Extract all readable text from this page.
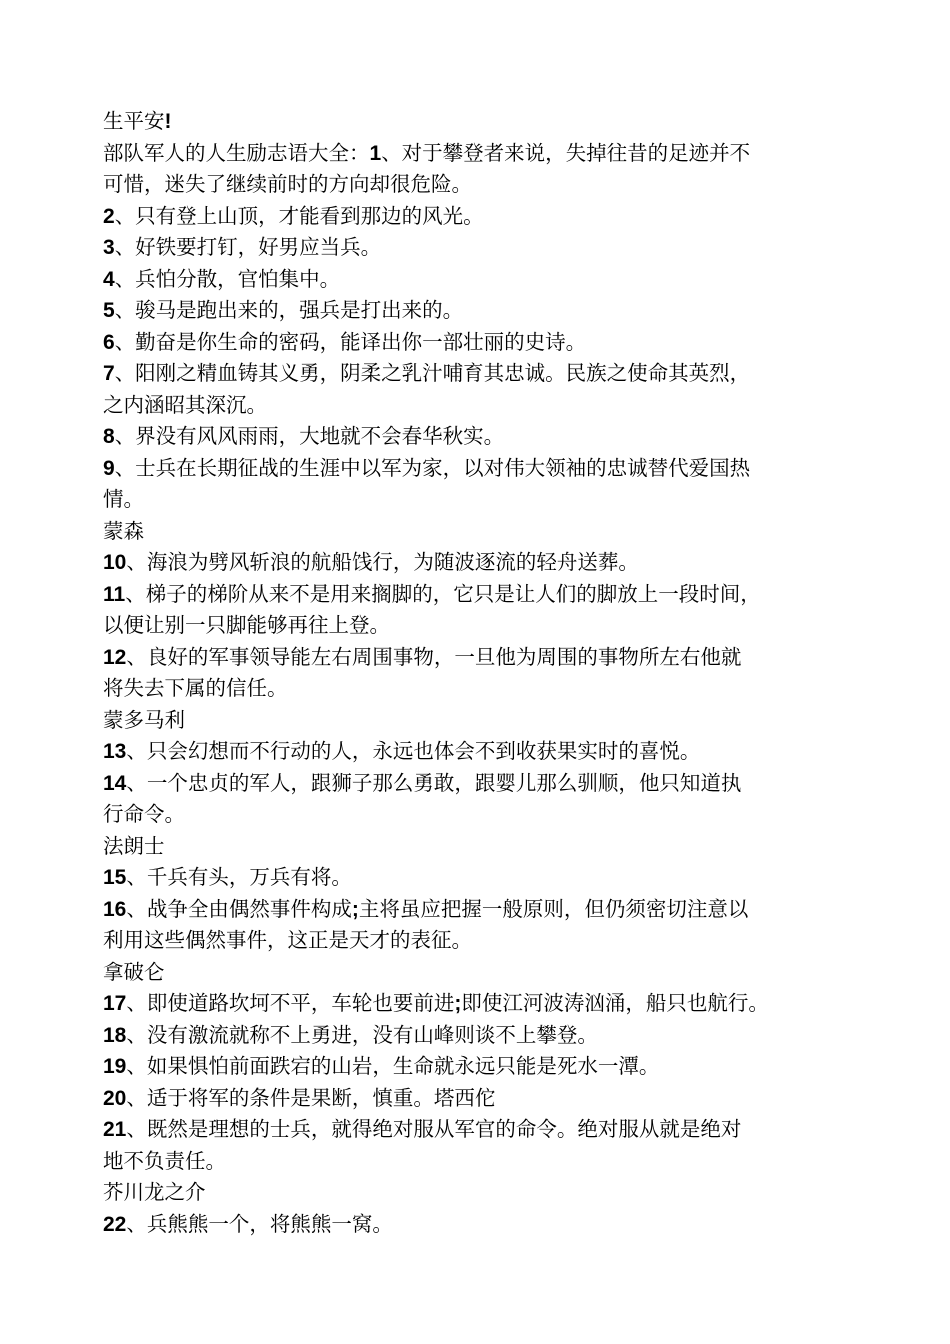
生平安!
部队军人的人生励志语大全：1、对于攀登者来说，失掉往昔的足迹并不
可惜，迷失了继续前时的方向却很危险。
2、只有登上山顶，才能看到那边的风光。
3、好铁要打钉，好男应当兵。
4、兵怕分散，官怕集中。
5、骏马是跑出来的，强兵是打出来的。
6、勤奋是你生命的密码，能译出你一部壮丽的史诗。
7、阳刚之精血铸其义勇，阴柔之乳汁哺育其忠诚。民族之使命其英烈，
之内涵昭其深沉。
8、界没有风风雨雨，大地就不会春华秋实。
9、士兵在长期征战的生涯中以军为家，以对伟大领袖的忠诚替代爱国热
情。
蒙森
10、海浪为劈风斩浪的航船饯行，为随波逐流的轻舟送葬。
11、梯子的梯阶从来不是用来搁脚的，它只是让人们的脚放上一段时间，
以便让别一只脚能够再往上登。
12、良好的军事领导能左右周围事物，一旦他为周围的事物所左右他就
将失去下属的信任。
蒙多马利
13、只会幻想而不行动的人，永远也体会不到收获果实时的喜悦。
14、一个忠贞的军人，跟狮子那么勇敢，跟婴儿那么驯顺，他只知道执
行命令。
法朗士
15、千兵有头，万兵有将。
16、战争全由偶然事件构成;主将虽应把握一般原则，但仍须密切注意以
利用这些偶然事件，这正是天才的表征。
拿破仑
17、即使道路坎坷不平，车轮也要前进;即使江河波涛汹涌，船只也航行。
18、没有激流就称不上勇进，没有山峰则谈不上攀登。
19、如果惧怕前面跌宕的山岩，生命就永远只能是死水一潭。
20、适于将军的条件是果断，慎重。塔西佗
21、既然是理想的士兵，就得绝对服从军官的命令。绝对服从就是绝对
地不负责任。
芥川龙之介
22、兵熊熊一个，将熊熊一窝。
